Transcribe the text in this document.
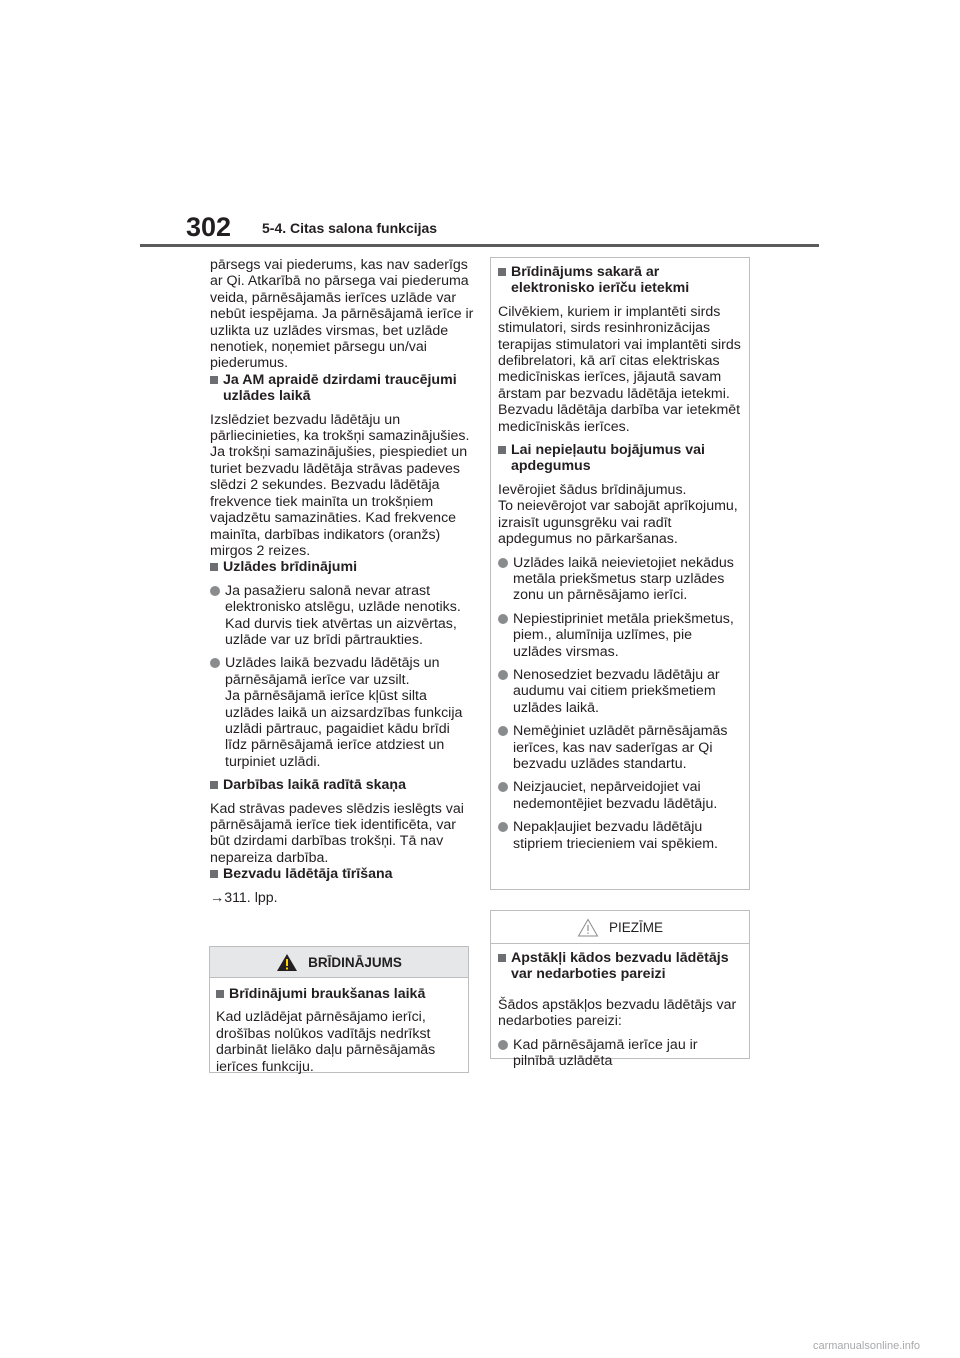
302 5-4. Citas salona funkcijas

pārsegs vai piederums, kas nav saderīgs ar Qi. Atkarībā no pārsega vai piederuma veida, pārnēsājamās ierīces uzlāde var nebūt iespējama. Ja pārnēsājamā ierīce ir uzlikta uz uzlādes virsmas, bet uzlāde nenotiek, noņemiet pārsegu un/vai piederumus.

Ja AM apraidē dzirdami traucējumi uzlādes laikā

Izslēdziet bezvadu lādētāju un pārliecinieties, ka trokšņi samazinājušies. Ja trokšņi samazinājušies, piespiediet un turiet bezvadu lādētāja strāvas padeves slēdzi 2 sekundes. Bezvadu lādētāja frekvence tiek mainīta un trokšņiem vajadzētu samazināties. Kad frekvence mainīta, darbības indikators (oranžs) mirgos 2 reizes.

Uzlādes brīdinājumi
Ja pasažieru salonā nevar atrast elektronisko atslēgu, uzlāde nenotiks. Kad durvis tiek atvērtas un aizvērtas, uzlāde var uz brīdi pārtraukties.
Uzlādes laikā bezvadu lādētājs un pārnēsājamā ierīce var uzsilt.
Ja pārnēsājamā ierīce kļūst silta uzlādes laikā un aizsardzības funkcija uzlādi pārtrauc, pagaidiet kādu brīdi līdz pārnēsājamā ierīce atdziest un turpiniet uzlādi.
Darbības laikā radītā skaņa

Kad strāvas padeves slēdzis ieslēgts vai pārnēsājamā ierīce tiek identificēta, var būt dzirdami darbības trokšņi. Tā nav nepareiza darbība.

Bezvadu lādētāja tīrīšana

→311. lpp.

BRĪDINĀJUMS
Brīdinājumi braukšanas laikā

Kad uzlādējat pārnēsājamo ierīci, drošības nolūkos vadītājs nedrīkst darbināt lielāko daļu pārnēsājamās ierīces funkciju.

Brīdinājums sakarā ar elektronisko ierīču ietekmi

Cilvēkiem, kuriem ir implantēti sirds stimulatori, sirds resinhronizācijas terapijas stimulatori vai implantēti sirds defibrelatori, kā arī citas elektriskas medicīniskas ierīces, jājautā savam ārstam par bezvadu lādētāja ietekmi.
Bezvadu lādētāja darbība var ietekmēt medicīniskās ierīces.

Lai nepieļautu bojājumus vai apdegumus

Ievērojiet šādus brīdinājumus.
To neievērojot var sabojāt aprīkojumu, izraisīt ugunsgrēku vai radīt apdegumus no pārkaršanas.

Uzlādes laikā neievietojiet nekādus metāla priekšmetus starp uzlādes zonu un pārnēsājamo ierīci.
Nepiestipriniet metāla priekšmetus, piem., alumīnija uzlīmes, pie uzlādes virsmas.
Nenosedziet bezvadu lādētāju ar audumu vai citiem priekšmetiem uzlādes laikā.
Nemēģiniet uzlādēt pārnēsājamās ierīces, kas nav saderīgas ar Qi bezvadu uzlādes standartu.
Neizjauciet, nepārveidojiet vai nedemontējiet bezvadu lādētāju.
Nepakļaujiet bezvadu lādētāju stipriem triecieniem vai spēkiem.
PIEZĪME
Apstākļi kādos bezvadu lādētājs var nedarboties pareizi

Šādos apstākļos bezvadu lādētājs var nedarboties pareizi:

Kad pārnēsājamā ierīce jau ir pilnībā uzlādēta
carmanualsonline.info
